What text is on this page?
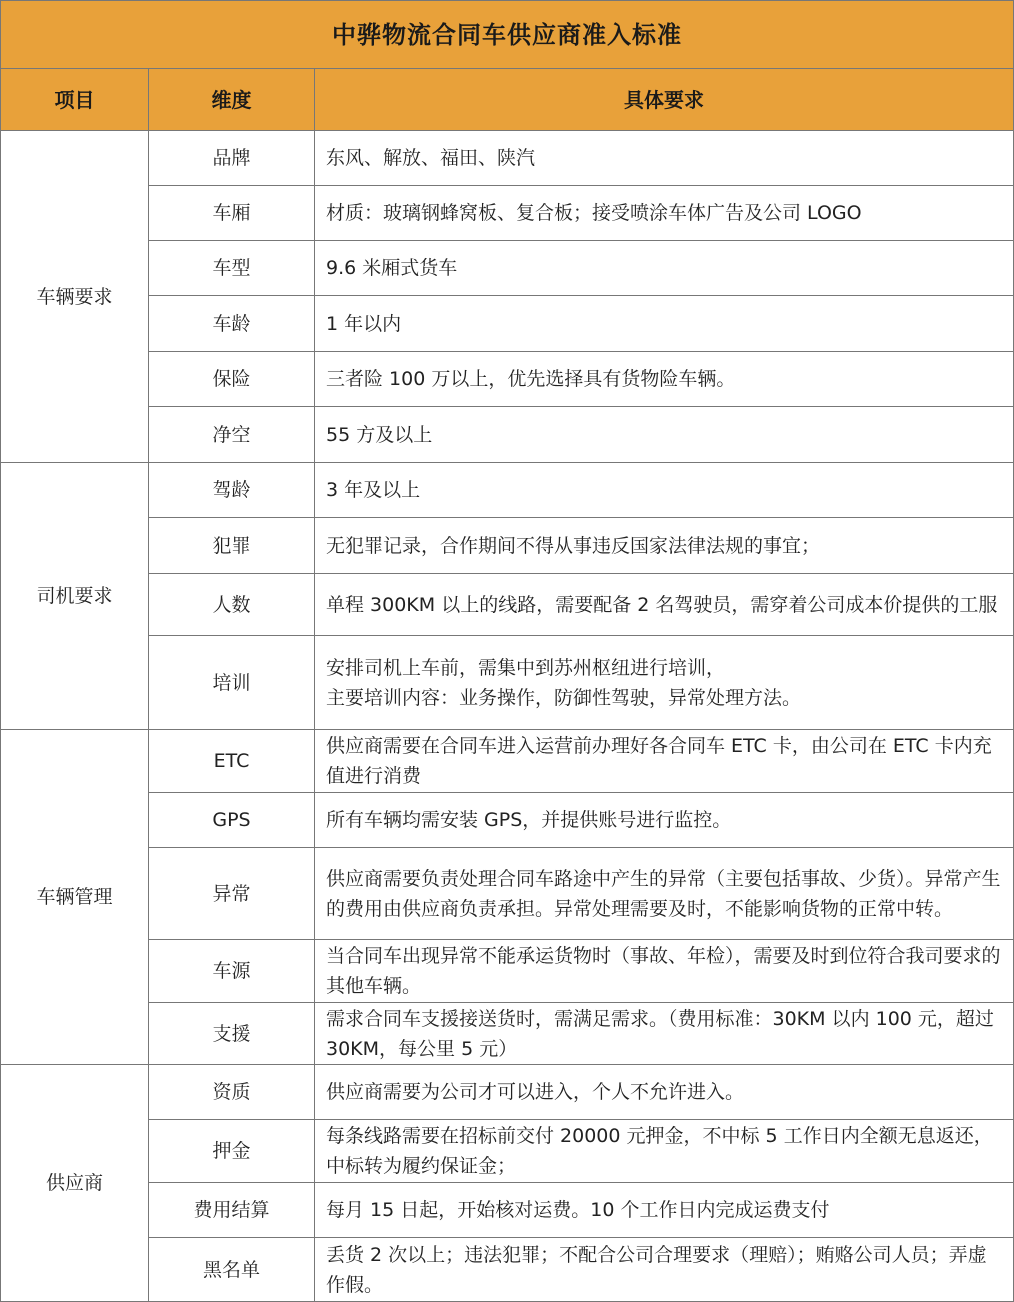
中骅物流合同车供应商准入标准		
项目	维度	具体要求
车辆要求	品牌	东风、解放、福田、陕汽
	车厢	材质：玻璃钢蜂窝板、复合板；接受喷涂车体广告及公司 LOGO
	车型	9.6 米厢式货车
	车龄	1 年以内
	保险	三者险 100 万以上，优先选择具有货物险车辆。
	净空	55 方及以上
司机要求	驾龄	3 年及以上
	犯罪	无犯罪记录，合作期间不得从事违反国家法律法规的事宜；
	人数	单程 300KM 以上的线路，需要配备 2 名驾驶员，需穿着公司成本价提供的工服
	培训	安排司机上车前，需集中到苏州枢纽进行培训，
主要培训内容：业务操作，防御性驾驶，异常处理方法。
车辆管理	ETC	供应商需要在合同车进入运营前办理好各合同车 ETC 卡，由公司在 ETC 卡内充值进行消费
	GPS	所有车辆均需安装 GPS，并提供账号进行监控。
	异常	供应商需要负责处理合同车路途中产生的异常（主要包括事故、少货）。异常产生的费用由供应商负责承担。异常处理需要及时，不能影响货物的正常中转。
	车源	当合同车出现异常不能承运货物时（事故、年检），需要及时到位符合我司要求的其他车辆。
	支援	需求合同车支援接送货时，需满足需求。（费用标准：30KM 以内 100 元，超过 30KM，每公里 5 元）
供应商	资质	供应商需要为公司才可以进入，个人不允许进入。
	押金	每条线路需要在招标前交付 20000 元押金，不中标 5 工作日内全额无息返还，中标转为履约保证金；
	费用结算	每月 15 日起，开始核对运费。10 个工作日内完成运费支付
	黑名单	丢货 2 次以上；违法犯罪；不配合公司合理要求（理赔）；贿赂公司人员；弄虚作假。
